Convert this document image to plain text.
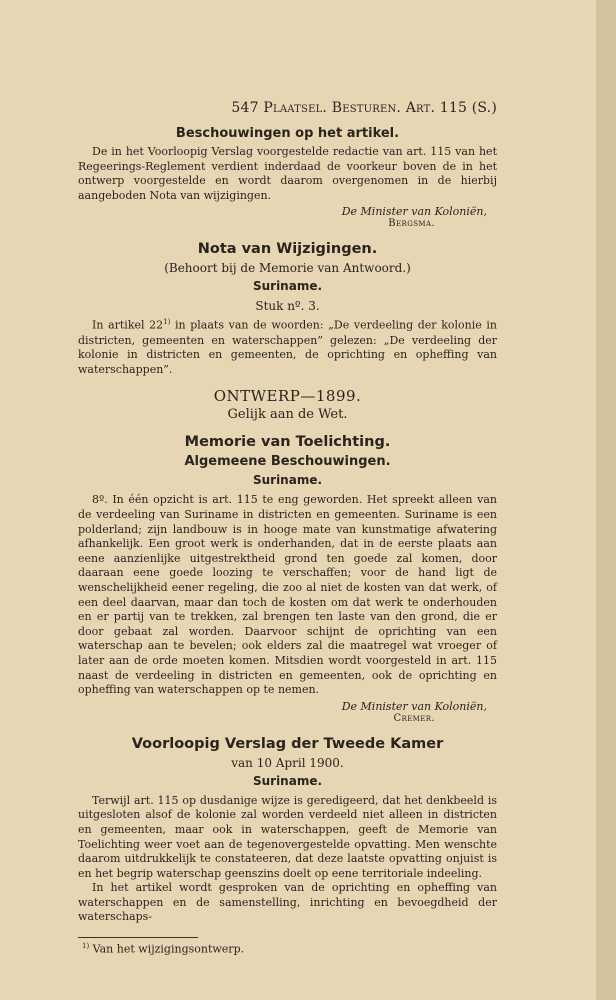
547 Plaatsel. Besturen. Art. 115 (S.)
Beschouwingen op het artikel.

De in het Voorloopig Verslag voorgestelde redactie van art. 115 van het Regeerings-Reglement verdient inderdaad de voorkeur boven de in het ontwerp voorgestelde en wordt daarom overgenomen in de hierbij aangeboden Nota van wijzigingen.

De Minister van Koloniën,
Bergsma.
Nota van Wijzigingen.
(Behoort bij de Memorie van Antwoord.)
Suriname.
Stuk nº. 3.

In artikel 22$^{1)}$ in plaats van de woorden: „De verdeeling der kolonie in districten, gemeenten en waterschappen” gelezen: „De verdeeling der kolonie in districten en gemeenten, de oprichting en opheffing van waterschappen”.

ONTWERP—1899.
Gelijk aan de Wet.
Memorie van Toelichting.
Algemeene Beschouwingen.
Suriname.

8º. In één opzicht is art. 115 te eng geworden. Het spreekt alleen van de verdeeling van Suriname in districten en gemeenten. Suriname is een polderland; zijn landbouw is in hooge mate van kunstmatige afwatering afhankelijk. Een groot werk is onderhanden, dat in de eerste plaats aan eene aanzienlijke uitgestrektheid grond ten goede zal komen, door daaraan eene goede loozing te verschaffen; voor de hand ligt de wenschelijkheid eener regeling, die zoo al niet de kosten van dat werk, of een deel daarvan, maar dan toch de kosten om dat werk te onderhouden en er partij van te trekken, zal brengen ten laste van den grond, die er door gebaat zal worden. Daarvoor schijnt de oprichting van een waterschap aan te bevelen; ook elders zal die maatregel wat vroeger of later aan de orde moeten komen. Mitsdien wordt voorgesteld in art. 115 naast de verdeeling in districten en gemeenten, ook de oprichting en opheffing van waterschappen op te nemen.

De Minister van Koloniën,
Cremer.
Voorloopig Verslag der Tweede Kamer
van 10 April 1900.
Suriname.

Terwijl art. 115 op dusdanige wijze is geredigeerd, dat het denkbeeld is uitgesloten alsof de kolonie zal worden verdeeld niet alleen in districten en gemeenten, maar ook in waterschappen, geeft de Memorie van Toelichting weer voet aan de tegenovergestelde opvatting. Men wenschte daarom uitdrukkelijk te constateeren, dat deze laatste opvatting onjuist is en het begrip waterschap geenszins doelt op eene territoriale indeeling.

In het artikel wordt gesproken van de oprichting en opheffing van waterschappen en de samenstelling, inrichting en bevoegdheid der waterschaps-

$^{1)}$ Van het wijzigingsontwerp.
